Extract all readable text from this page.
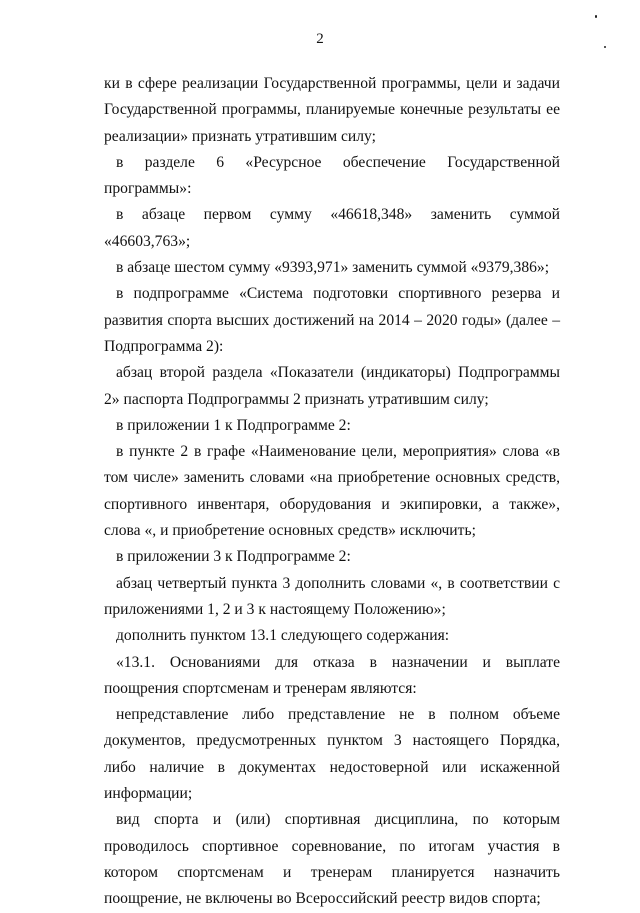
2

ки в сфере реализации Государственной программы, цели и задачи Государственной программы, планируемые конечные результаты ее реализации» признать утратившим силу;

в разделе 6 «Ресурсное обеспечение Государственной программы»:

в абзаце первом сумму «46618,348» заменить суммой «46603,763»;

в абзаце шестом сумму «9393,971» заменить суммой «9379,386»;

в подпрограмме «Система подготовки спортивного резерва и развития спорта высших достижений на 2014 – 2020 годы» (далее – Подпрограмма 2):

абзац второй раздела «Показатели (индикаторы) Подпрограммы 2» паспорта Подпрограммы 2 признать утратившим силу;

в приложении 1 к Подпрограмме 2:

в пункте 2 в графе «Наименование цели, мероприятия» слова «в том числе» заменить словами «на приобретение основных средств, спортивного инвентаря, оборудования и экипировки, а также», слова «, и приобретение основных средств» исключить;

в приложении 3 к Подпрограмме 2:

абзац четвертый пункта 3 дополнить словами «, в соответствии с приложениями 1, 2 и 3 к настоящему Положению»;

дополнить пунктом 13.1 следующего содержания:

«13.1. Основаниями для отказа в назначении и выплате поощрения спортсменам и тренерам являются:

непредставление либо представление не в полном объеме документов, предусмотренных пунктом 3 настоящего Порядка, либо наличие в документах недостоверной или искаженной информации;

вид спорта и (или) спортивная дисциплина, по которым проводилось спортивное соревнование, по итогам участия в котором спортсменам и тренерам планируется назначить поощрение, не включены во Всероссийский реестр видов спорта;
